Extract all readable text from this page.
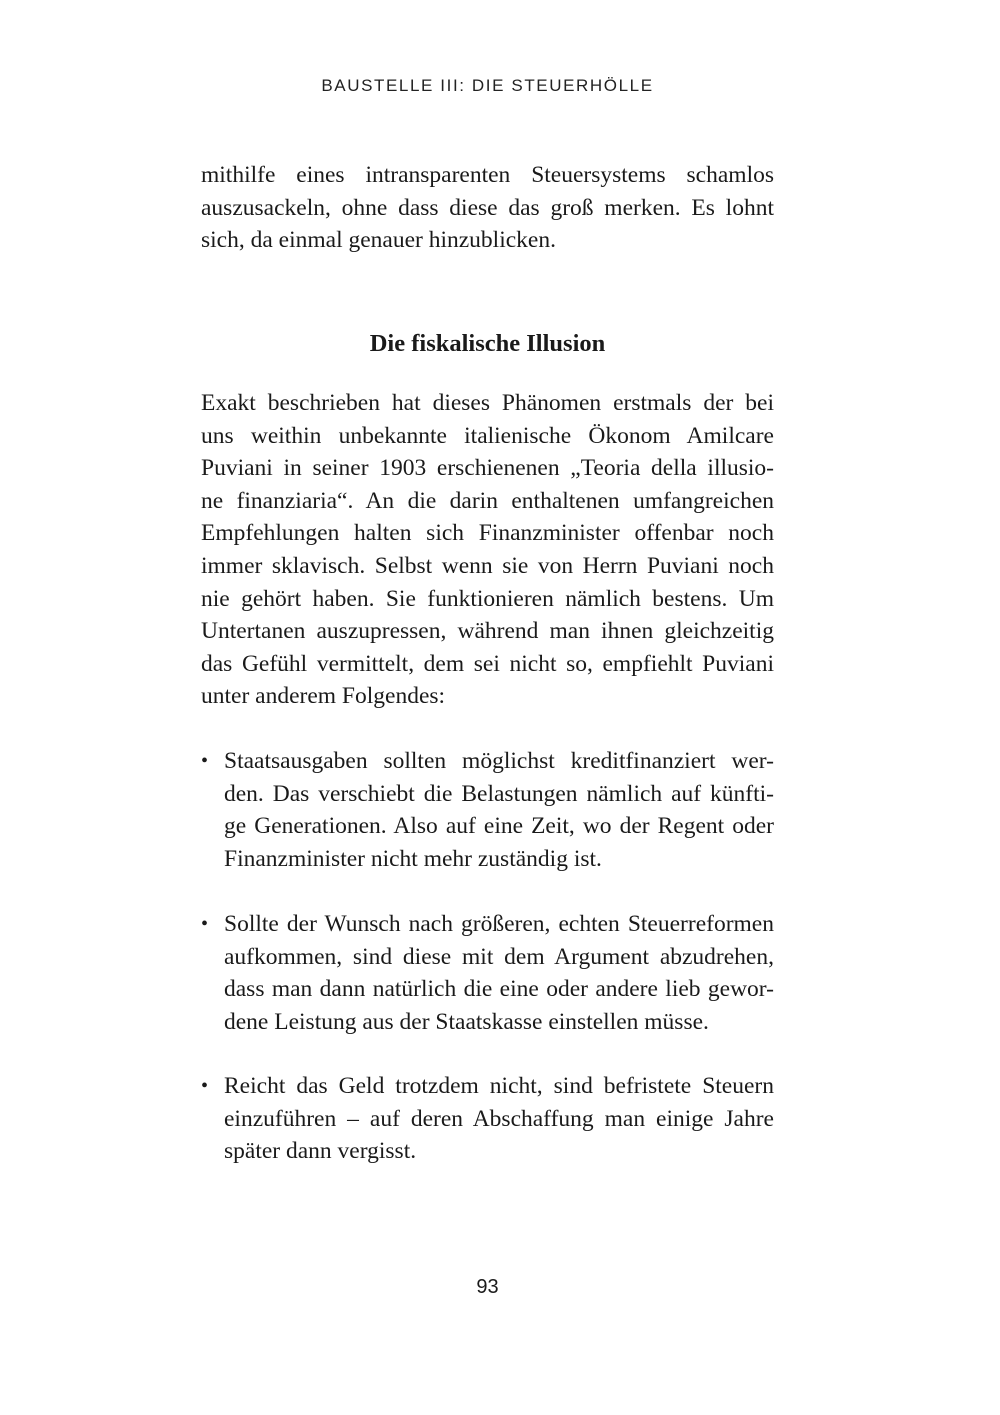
BAUSTELLE III: DIE STEUERHÖLLE
mithilfe eines intransparenten Steuersystems schamlos
auszusackeln, ohne dass diese das groß merken. Es lohnt
sich, da einmal genauer hinzublicken.
Die fiskalische Illusion
Exakt beschrieben hat dieses Phänomen erstmals der bei
uns weithin unbekannte italienische Ökonom Amilcare
Puviani in seiner 1903 erschienenen „Teoria della illusio-
ne finanziaria“. An die darin enthaltenen umfangreichen
Empfehlungen halten sich Finanzminister offenbar noch
immer sklavisch. Selbst wenn sie von Herrn Puviani noch
nie gehört haben. Sie funktionieren nämlich bestens. Um
Untertanen auszupressen, während man ihnen gleichzeitig
das Gefühl vermittelt, dem sei nicht so, empfiehlt Puviani
unter anderem Folgendes:
• Staatsausgaben sollten möglichst kreditfinanziert wer-
den. Das verschiebt die Belastungen nämlich auf künfti-
ge Generationen. Also auf eine Zeit, wo der Regent oder
Finanzminister nicht mehr zuständig ist.
• Sollte der Wunsch nach größeren, echten Steuerreformen
aufkommen, sind diese mit dem Argument abzudrehen,
dass man dann natürlich die eine oder andere lieb gewor-
dene Leistung aus der Staatskasse einstellen müsse.
• Reicht das Geld trotzdem nicht, sind befristete Steuern
einzuführen – auf deren Abschaffung man einige Jahre
später dann vergisst.
93
